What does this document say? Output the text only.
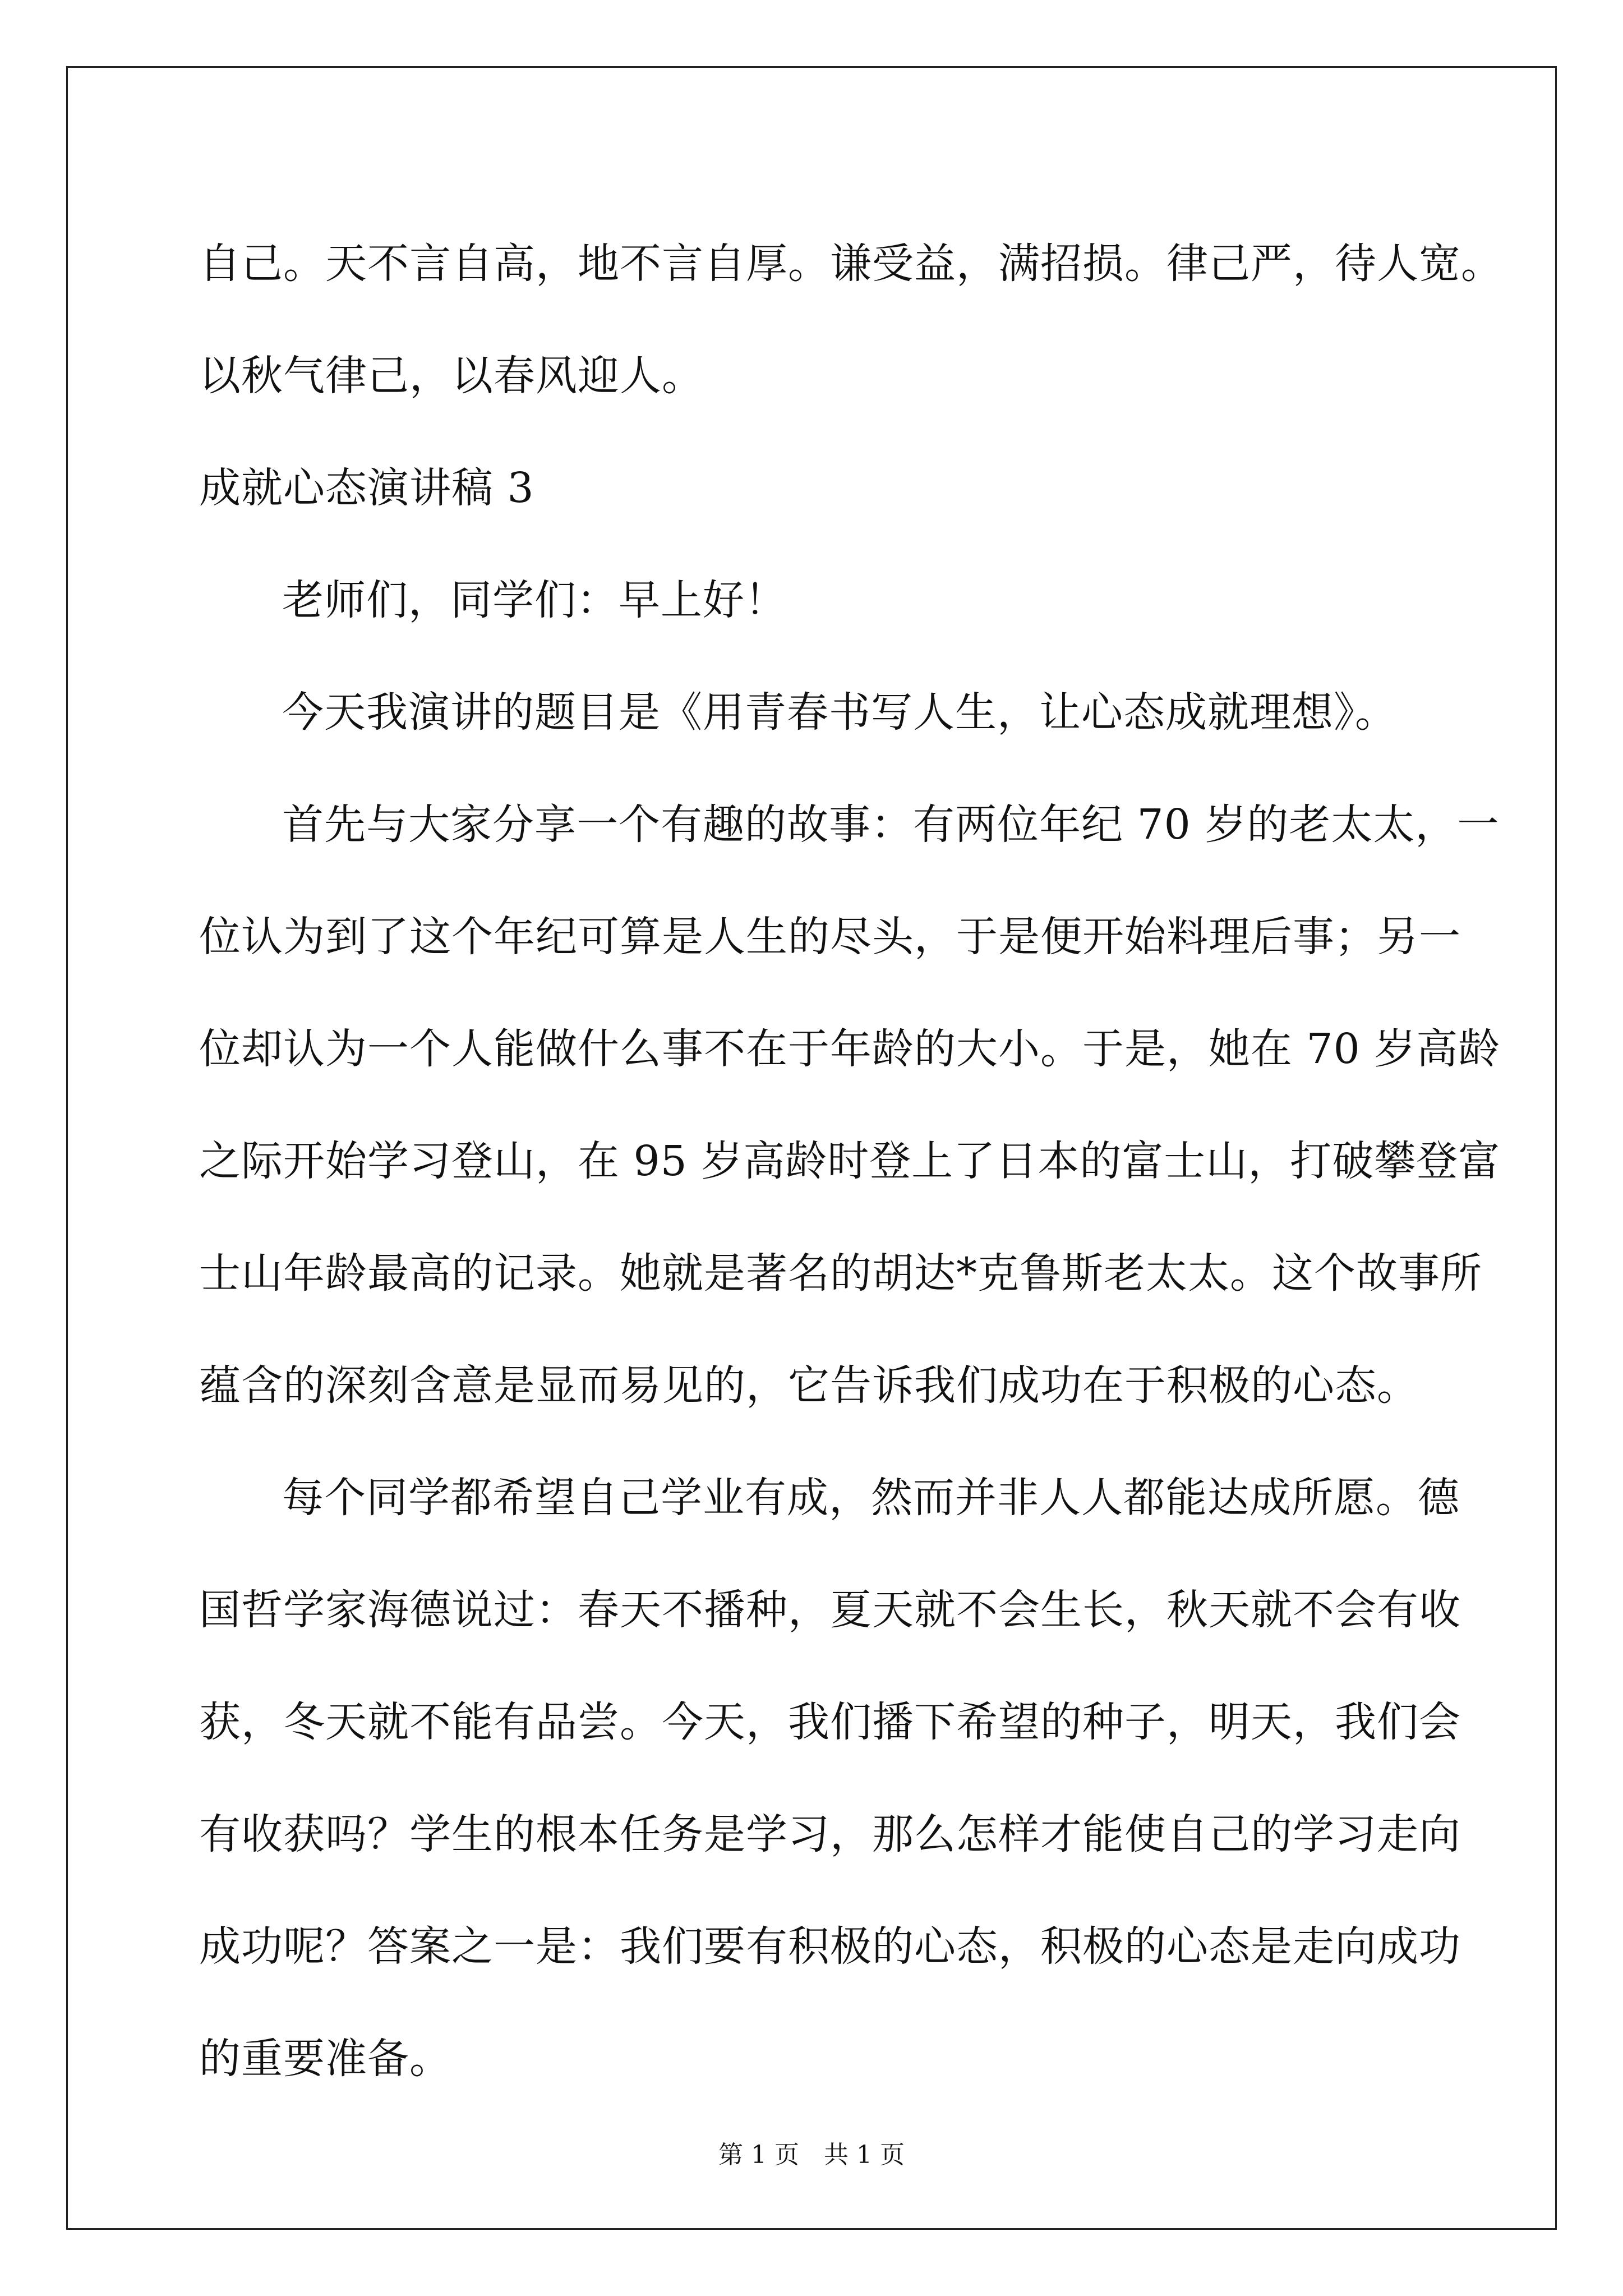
自己。天不言自高，地不言自厚。谦受益，满招损。律己严，待人宽。
以秋气律己，以春风迎人。
成就心态演讲稿 3
老师们，同学们：早上好！
今天我演讲的题目是《用青春书写人生，让心态成就理想》。
首先与大家分享一个有趣的故事：有两位年纪 70 岁的老太太，一
位认为到了这个年纪可算是人生的尽头，于是便开始料理后事；另一
位却认为一个人能做什么事不在于年龄的大小。于是，她在 70 岁高龄
之际开始学习登山，在 95 岁高龄时登上了日本的富士山，打破攀登富
士山年龄最高的记录。她就是著名的胡达*克鲁斯老太太。这个故事所
蕴含的深刻含意是显而易见的，它告诉我们成功在于积极的心态。
每个同学都希望自己学业有成，然而并非人人都能达成所愿。德
国哲学家海德说过：春天不播种，夏天就不会生长，秋天就不会有收
获，冬天就不能有品尝。今天，我们播下希望的种子，明天，我们会
有收获吗？学生的根本任务是学习，那么怎样才能使自己的学习走向
成功呢？答案之一是：我们要有积极的心态，积极的心态是走向成功
的重要准备。
第 1 页　共 1 页
